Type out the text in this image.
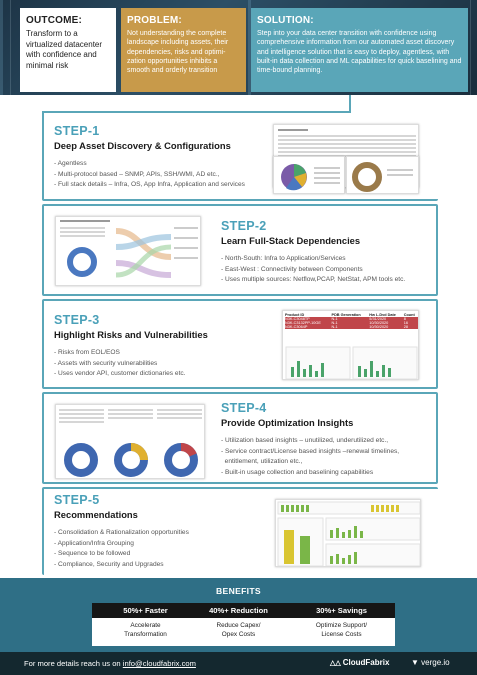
OUTCOME:

Transform to a virtualized datacenter with confidence and minimal risk

PROBLEM:

Not understanding the complete landscape including assets, their dependencies, risks and optimi-zation opportunities inhibits a smooth and orderly transition

SOLUTION:

Step into your data center transition with confidence using comprehensive information from our automated asset discovery and intelligence solution that is easy to deploy, agentless, with built-in data collection and ML capabilities for quick baselining and time-bound planning.

STEP-1
Deep Asset Discovery & Configurations
- Agentless
- Multi-protocol based – SNMP, APIs, SSH/WMI, AD etc.,
- Full stack details – Infra, OS, App Infra, Application and services
STEP-2
Learn Full-Stack Dependencies
- North-South: Infra to Application/Services
- East-West : Connectivity between Components
- Uses multiple sources: Netflow,PCAP, NetStat, APM tools etc.
STEP-3
Highlight Risks and Vulnerabilities
- Risks from EOL/EOS
- Assets with security vulnerabilities
- Uses vendor API, customer dictionaries etc.
Product ID	PDB Generation	Hw L.Dvd Date	Count
N3K-C3048TP	N-1	5/31/2020	8
N3K-C3132PP-10GE	N-1	10/30/2020	16
N3K-C3064P	N-1	10/30/2020	28
STEP-4
Provide Optimization Insights
- Utilization based insights – unutilized, underutilized etc.,
- Service contract/License based insights –renewal timelines,
entitlement, utilization etc.,
- Built-in usage collection and baselining capabilities
STEP-5
Recommendations
- Consolidation & Rationalization opportunities
- Application/Infra Grouping
- Sequence to be followed
- Compliance, Security and Upgrades
BENEFITS
50%+ Faster
Accelerate
Transformation
40%+ Reduction
Reduce Capex/
Opex Costs
30%+ Savings
Optimize Support/
License Costs
For more details reach us on info@cloudfabrix.com	△△ CloudFabrix	▼ verge.io
